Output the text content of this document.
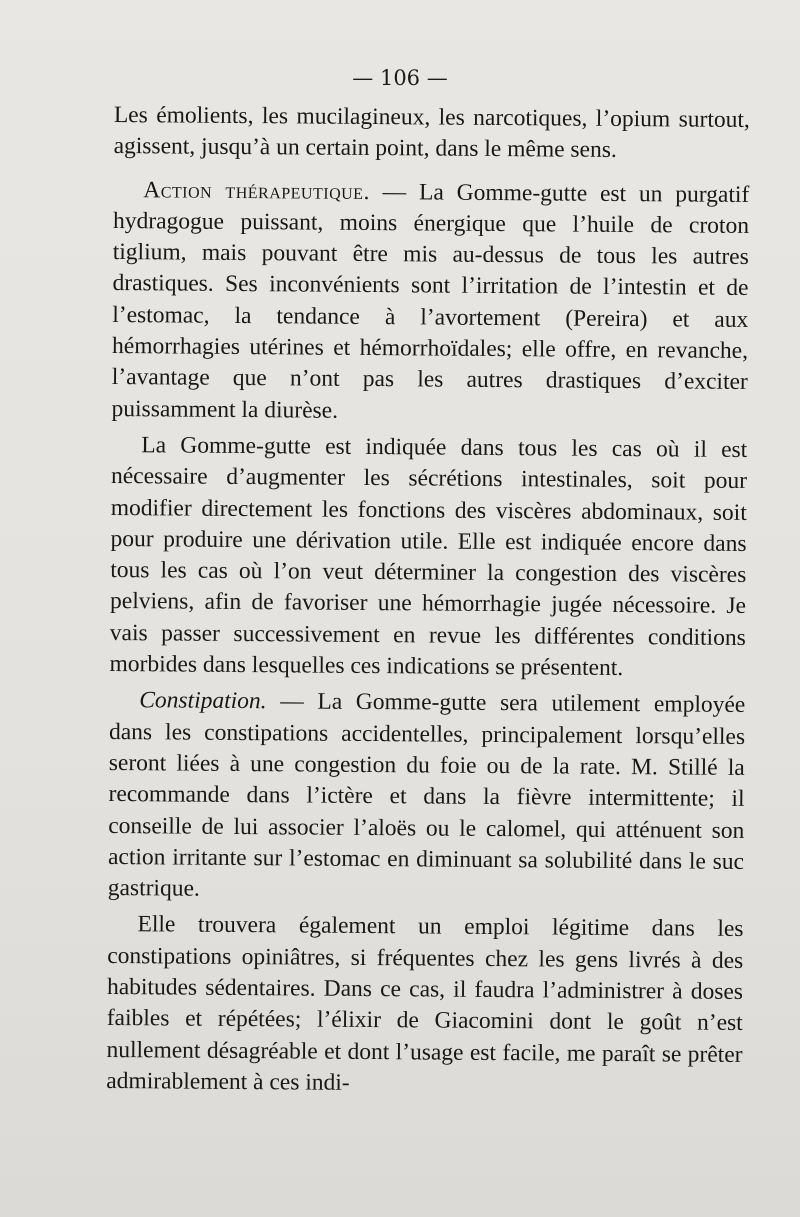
— 106 —

Les émolients, les mucilagineux, les narcotiques, l’opium surtout, agissent, jusqu’à un certain point, dans le même sens.

Action thérapeutique. — La Gomme-gutte est un purgatif hydragogue puissant, moins énergique que l’huile de croton tiglium, mais pouvant être mis au-dessus de tous les autres drastiques. Ses inconvénients sont l’irritation de l’intestin et de l’estomac, la tendance à l’avortement (Pereira) et aux hémorrhagies utérines et hémorrhoïdales; elle offre, en revanche, l’avantage que n’ont pas les autres drastiques d’exciter puissamment la diurèse.

La Gomme-gutte est indiquée dans tous les cas où il est nécessaire d’augmenter les sécrétions intestinales, soit pour modifier directement les fonctions des viscères abdominaux, soit pour produire une dérivation utile. Elle est indiquée encore dans tous les cas où l’on veut déterminer la congestion des viscères pelviens, afin de favoriser une hémorrhagie jugée nécessoire. Je vais passer successivement en revue les différentes conditions morbides dans lesquelles ces indications se présentent.

Constipation. — La Gomme-gutte sera utilement employée dans les constipations accidentelles, principalement lorsqu’elles seront liées à une congestion du foie ou de la rate. M. Stillé la recommande dans l’ictère et dans la fièvre intermittente; il conseille de lui associer l’aloës ou le calomel, qui atténuent son action irritante sur l’estomac en diminuant sa solubilité dans le suc gastrique.

Elle trouvera également un emploi légitime dans les constipations opiniâtres, si fréquentes chez les gens livrés à des habitudes sédentaires. Dans ce cas, il faudra l’administrer à doses faibles et répétées; l’élixir de Giacomini dont le goût n’est nullement désagréable et dont l’usage est facile, me paraît se prêter admirablement à ces indi-
